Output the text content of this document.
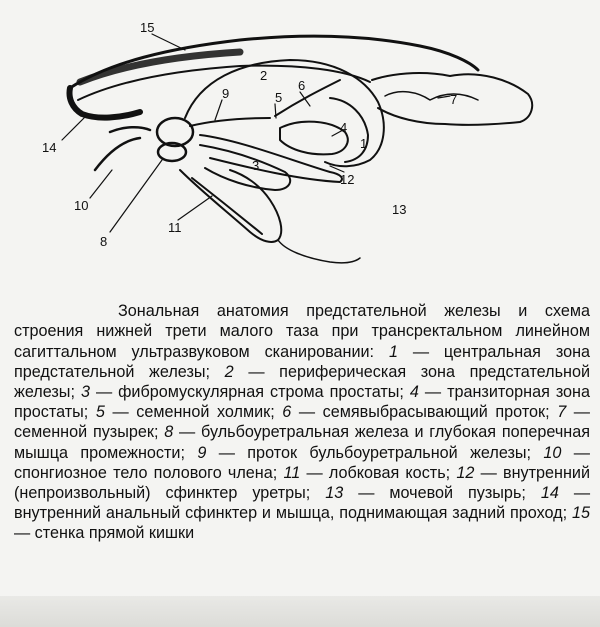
15
2
6
9	5	7
4
1
14
3
12
10	13
11
8

Зональная анатомия предстательной железы и схема строения нижней трети малого таза при трансректальном линейном сагиттальном ультразвуковом сканировании: 1 — центральная зона предстательной железы; 2 — периферическая зона предстательной железы; 3 — фибромускулярная строма простаты; 4 — транзиторная зона простаты; 5 — семенной холмик; 6 — семявыбрасывающий проток; 7 — семенной пузырек; 8 — бульбоуретральная железа и глубокая поперечная мышца промежности; 9 — проток бульбоуретральной железы; 10 — спонгиозное тело полового члена; 11 — лобковая кость; 12 — внутренний (непроизвольный) сфинктер уретры; 13 — мочевой пузырь; 14 — внутренний анальный сфинктер и мышца, поднимающая задний проход; 15 — стенка прямой кишки
